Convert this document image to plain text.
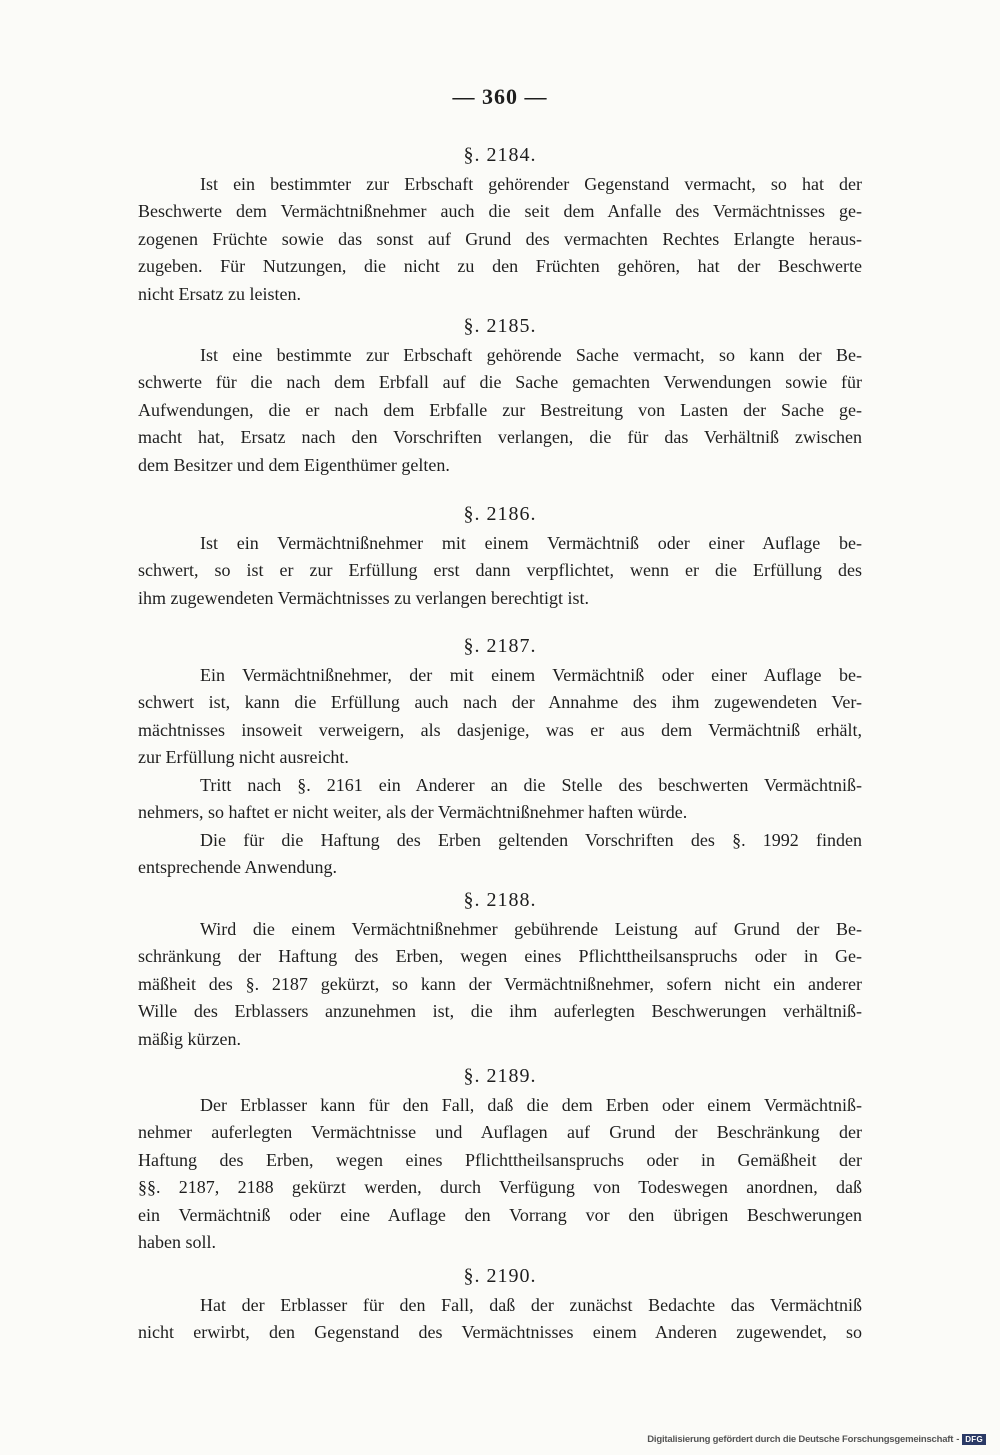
— 360 —
§. 2184.
Ist ein bestimmter zur Erbschaft gehörender Gegenstand vermacht, so hat der
Beschwerte dem Vermächtnißnehmer auch die seit dem Anfalle des Vermächtnisses ge-
zogenen Früchte sowie das sonst auf Grund des vermachten Rechtes Erlangte heraus-
zugeben. Für Nutzungen, die nicht zu den Früchten gehören, hat der Beschwerte
nicht Ersatz zu leisten.
§. 2185.
Ist eine bestimmte zur Erbschaft gehörende Sache vermacht, so kann der Be-
schwerte für die nach dem Erbfall auf die Sache gemachten Verwendungen sowie für
Aufwendungen, die er nach dem Erbfalle zur Bestreitung von Lasten der Sache ge-
macht hat, Ersatz nach den Vorschriften verlangen, die für das Verhältniß zwischen
dem Besitzer und dem Eigenthümer gelten.
§. 2186.
Ist ein Vermächtnißnehmer mit einem Vermächtniß oder einer Auflage be-
schwert, so ist er zur Erfüllung erst dann verpflichtet, wenn er die Erfüllung des
ihm zugewendeten Vermächtnisses zu verlangen berechtigt ist.
§. 2187.
Ein Vermächtnißnehmer, der mit einem Vermächtniß oder einer Auflage be-
schwert ist, kann die Erfüllung auch nach der Annahme des ihm zugewendeten Ver-
mächtnisses insoweit verweigern, als dasjenige, was er aus dem Vermächtniß erhält,
zur Erfüllung nicht ausreicht.
Tritt nach §. 2161 ein Anderer an die Stelle des beschwerten Vermächtniß-
nehmers, so haftet er nicht weiter, als der Vermächtnißnehmer haften würde.
Die für die Haftung des Erben geltenden Vorschriften des §. 1992 finden
entsprechende Anwendung.
§. 2188.
Wird die einem Vermächtnißnehmer gebührende Leistung auf Grund der Be-
schränkung der Haftung des Erben, wegen eines Pflichttheilsanspruchs oder in Ge-
mäßheit des §. 2187 gekürzt, so kann der Vermächtnißnehmer, sofern nicht ein anderer
Wille des Erblassers anzunehmen ist, die ihm auferlegten Beschwerungen verhältniß-
mäßig kürzen.
§. 2189.
Der Erblasser kann für den Fall, daß die dem Erben oder einem Vermächtniß-
nehmer auferlegten Vermächtnisse und Auflagen auf Grund der Beschränkung der
Haftung des Erben, wegen eines Pflichttheilsanspruchs oder in Gemäßheit der
§§. 2187, 2188 gekürzt werden, durch Verfügung von Todeswegen anordnen, daß
ein Vermächtniß oder eine Auflage den Vorrang vor den übrigen Beschwerungen
haben soll.
§. 2190.
Hat der Erblasser für den Fall, daß der zunächst Bedachte das Vermächtniß
nicht erwirbt, den Gegenstand des Vermächtnisses einem Anderen zugewendet, so
Digitalisierung gefördert durch die Deutsche Forschungsgemeinschaft - DFG
